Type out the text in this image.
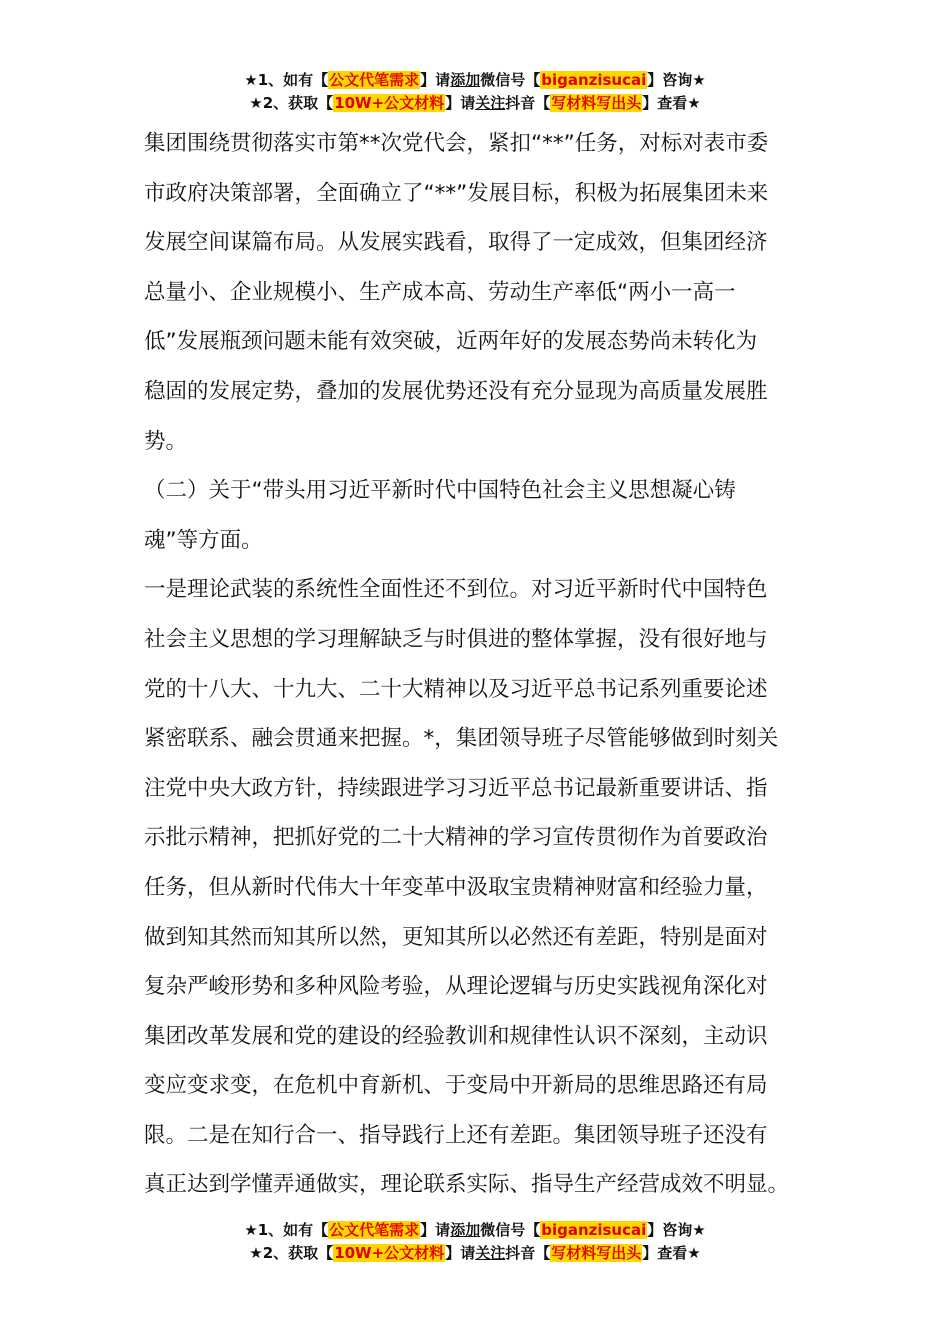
★1、如有【公文代笔需求】请添加微信号【biganzisucai】咨询★
★2、获取【10W+公文材料】请关注抖音【写材料写出头】查看★
集团围绕贯彻落实市第**次党代会，紧扣“**”任务，对标对表市委
市政府决策部署，全面确立了“**”发展目标，积极为拓展集团未来
发展空间谋篇布局。从发展实践看，取得了一定成效，但集团经济
总量小、企业规模小、生产成本高、劳动生产率低“两小一高一
低”发展瓶颈问题未能有效突破，近两年好的发展态势尚未转化为
稳固的发展定势，叠加的发展优势还没有充分显现为高质量发展胜
势。
（二）关于“带头用习近平新时代中国特色社会主义思想凝心铸
魂”等方面。
一是理论武装的系统性全面性还不到位。对习近平新时代中国特色
社会主义思想的学习理解缺乏与时俱进的整体掌握，没有很好地与
党的十八大、十九大、二十大精神以及习近平总书记系列重要论述
紧密联系、融会贯通来把握。*，集团领导班子尽管能够做到时刻关
注党中央大政方针，持续跟进学习习近平总书记最新重要讲话、指
示批示精神，把抓好党的二十大精神的学习宣传贯彻作为首要政治
任务，但从新时代伟大十年变革中汲取宝贵精神财富和经验力量，
做到知其然而知其所以然，更知其所以必然还有差距，特别是面对
复杂严峻形势和多种风险考验，从理论逻辑与历史实践视角深化对
集团改革发展和党的建设的经验教训和规律性认识不深刻，主动识
变应变求变，在危机中育新机、于变局中开新局的思维思路还有局
限。二是在知行合一、指导践行上还有差距。集团领导班子还没有
真正达到学懂弄通做实，理论联系实际、指导生产经营成效不明显。
★1、如有【公文代笔需求】请添加微信号【biganzisucai】咨询★
★2、获取【10W+公文材料】请关注抖音【写材料写出头】查看★
